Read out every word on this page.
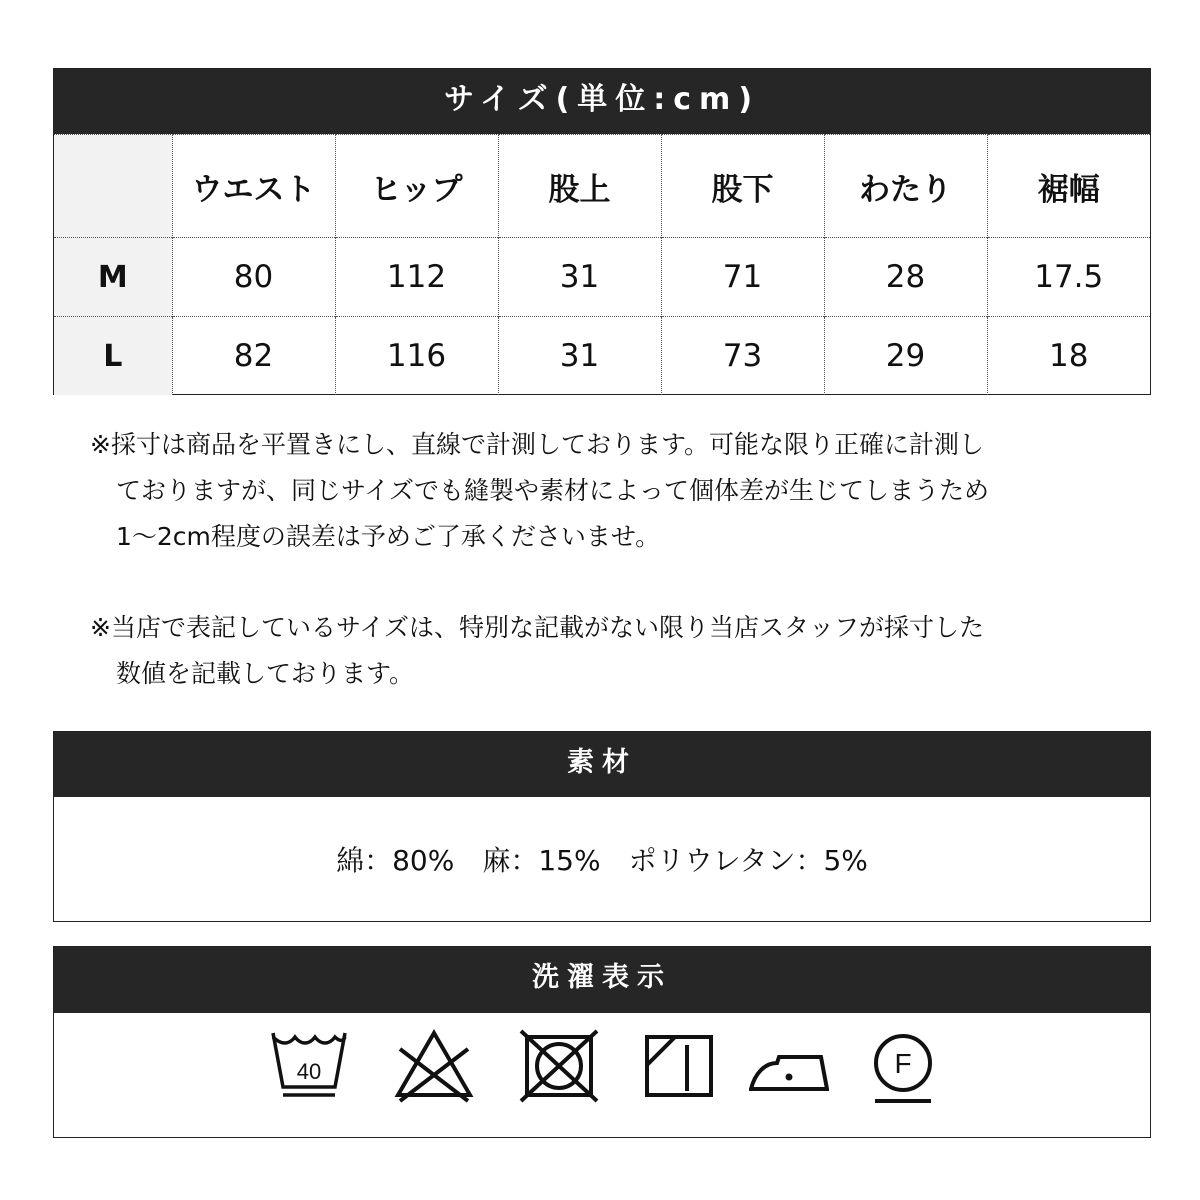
サイズ(単位:cm)
	ウエスト	ヒップ	股上	股下	わたり	裾幅
M	80	112	31	71	28	17.5
L	82	116	31	73	29	18

※採寸は商品を平置きにし、直線で計測しております。可能な限り正確に計測し
ておりますが、同じサイズでも縫製や素材によって個体差が生じてしまうため
1〜2cm程度の誤差は予めご了承くださいませ。

※当店で表記しているサイズは、特別な記載がない限り当店スタッフが採寸した
数値を記載しております。

素材
綿：80%　麻：15%　ポリウレタン：5%
洗濯表示
40	F
